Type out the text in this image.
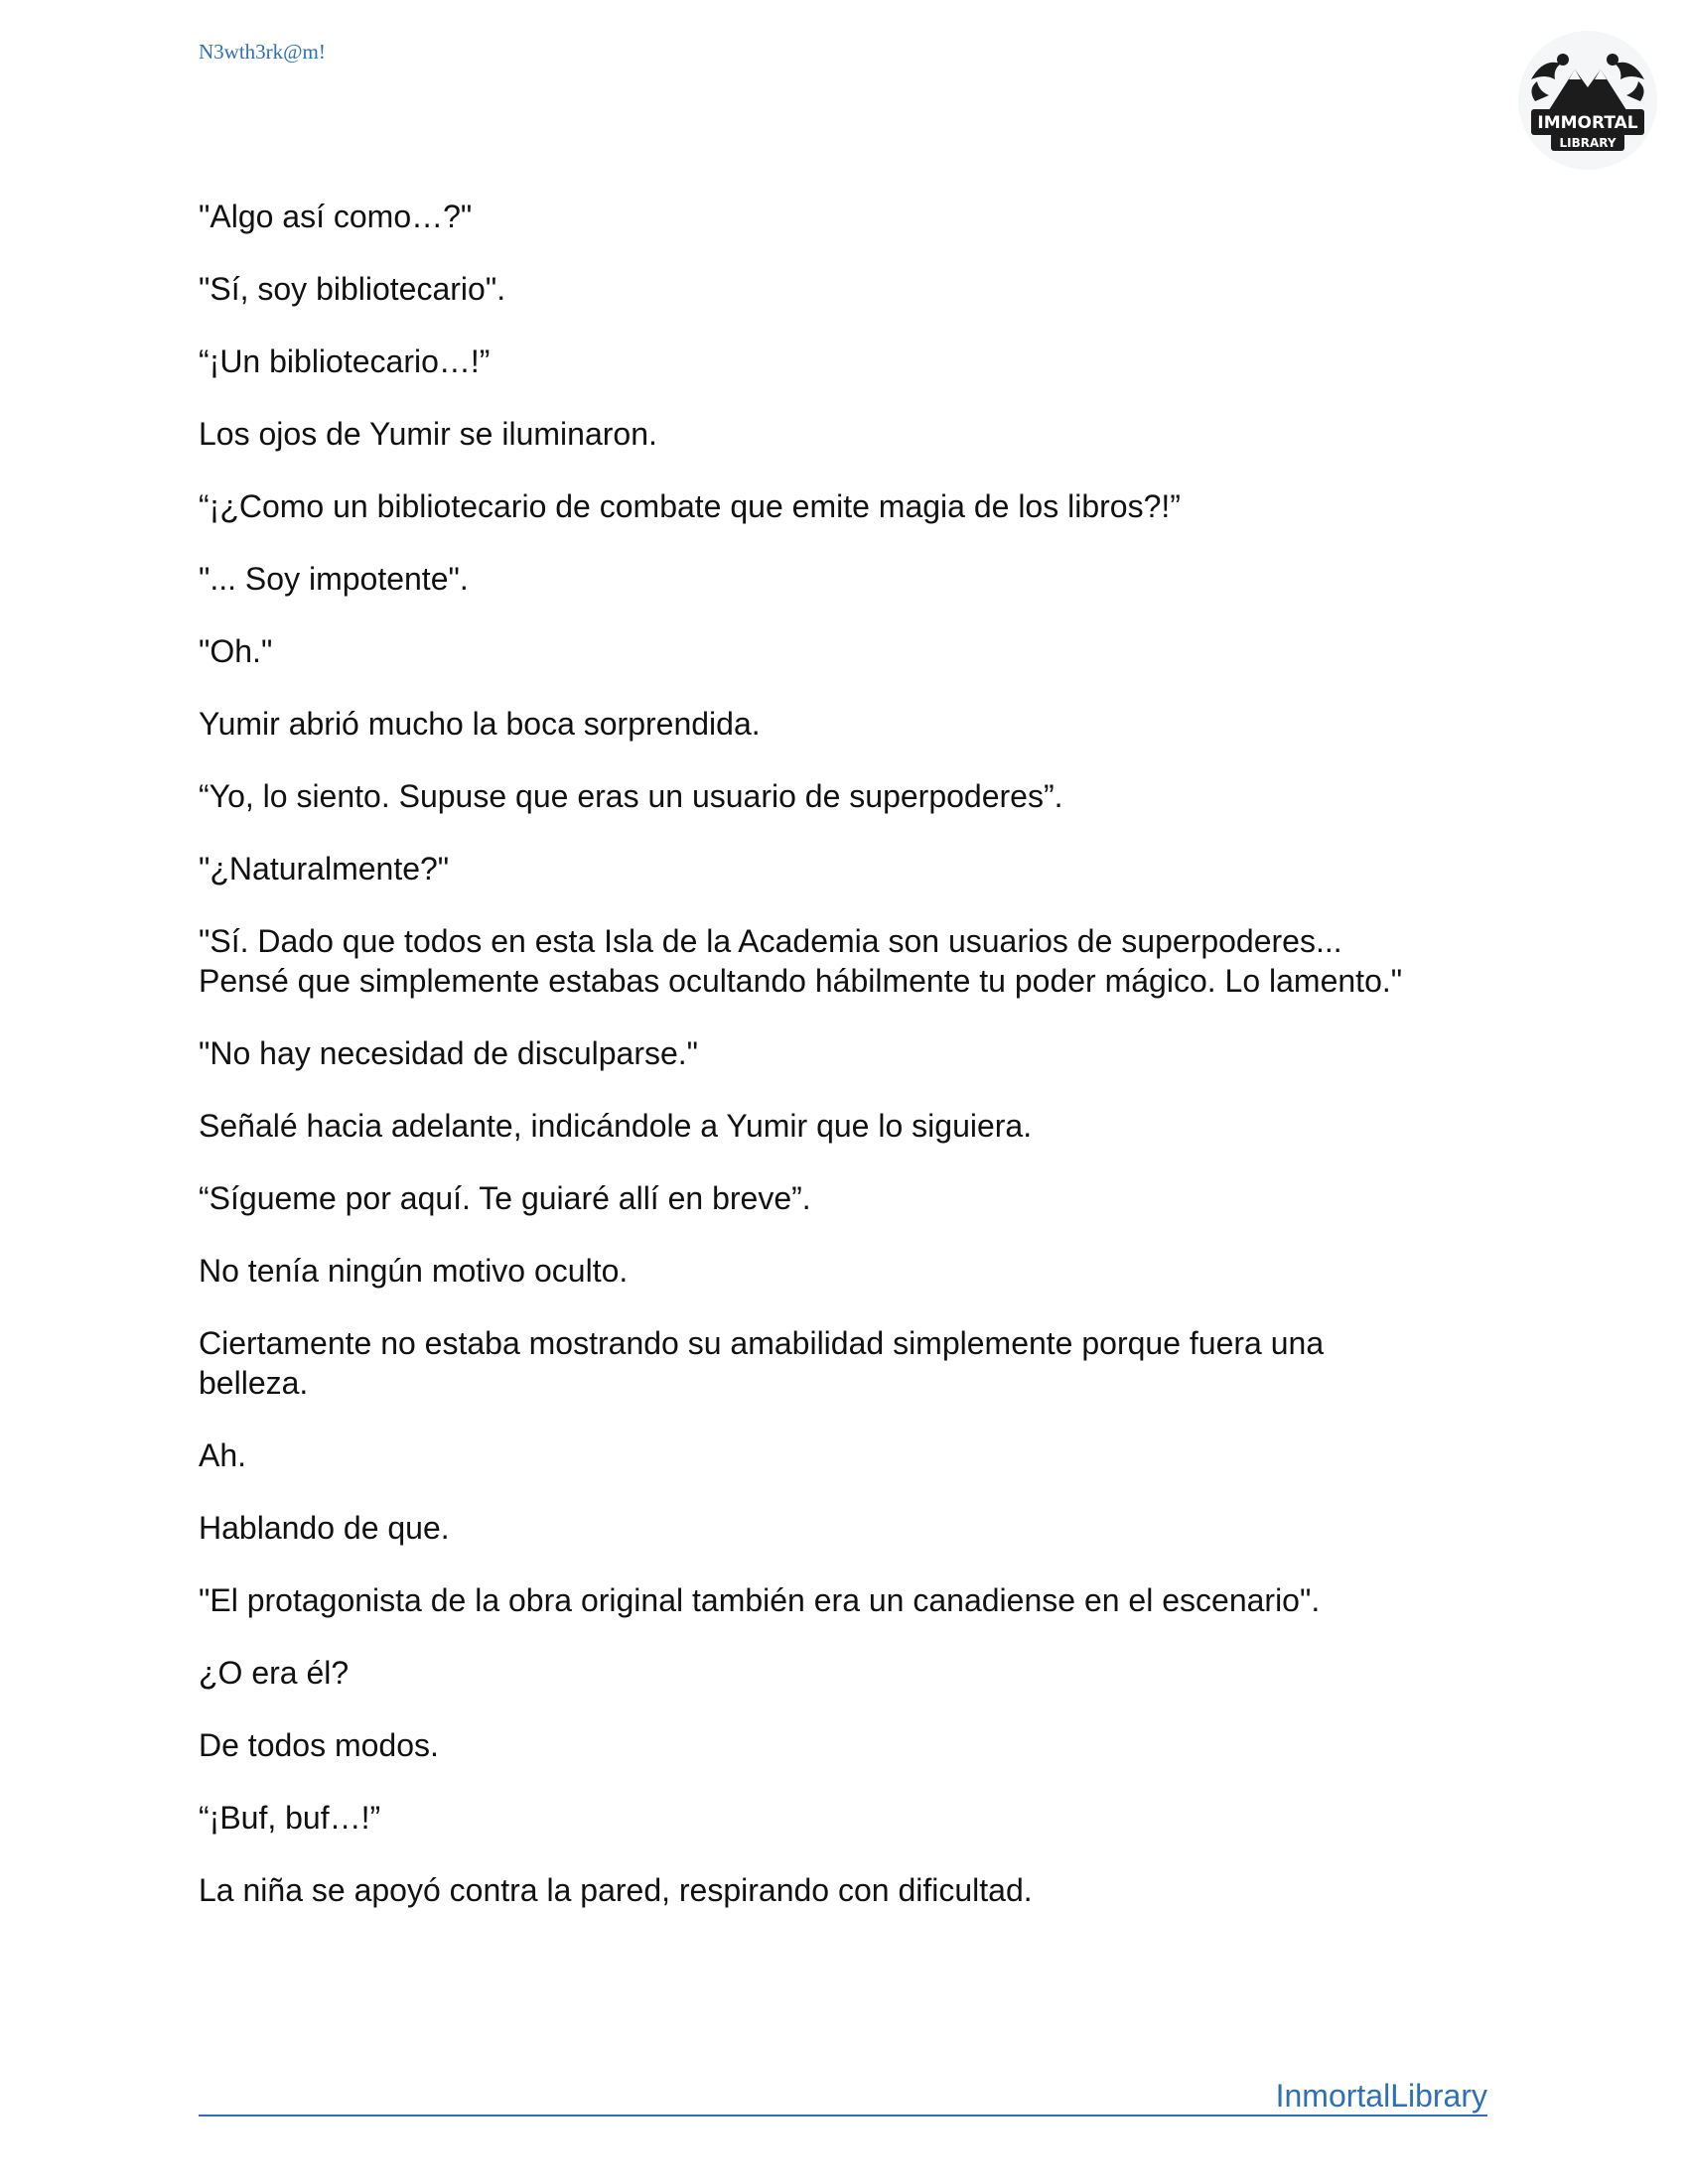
N3wth3rk@m!
IMMORTAL
LIBRARY

"Algo así como…?"

"Sí, soy bibliotecario".

“¡Un bibliotecario…!”

Los ojos de Yumir se iluminaron.

“¡¿Como un bibliotecario de combate que emite magia de los libros?!”

"... Soy impotente".

"Oh."

Yumir abrió mucho la boca sorprendida.

“Yo, lo siento. Supuse que eras un usuario de superpoderes”.

"¿Naturalmente?"

"Sí. Dado que todos en esta Isla de la Academia son usuarios de superpoderes...
Pensé que simplemente estabas ocultando hábilmente tu poder mágico. Lo lamento."

"No hay necesidad de disculparse."

Señalé hacia adelante, indicándole a Yumir que lo siguiera.

“Sígueme por aquí. Te guiaré allí en breve”.

No tenía ningún motivo oculto.

Ciertamente no estaba mostrando su amabilidad simplemente porque fuera una
belleza.

Ah.

Hablando de que.

"El protagonista de la obra original también era un canadiense en el escenario".

¿O era él?

De todos modos.

“¡Buf, buf…!”

La niña se apoyó contra la pared, respirando con dificultad.

InmortalLibrary
